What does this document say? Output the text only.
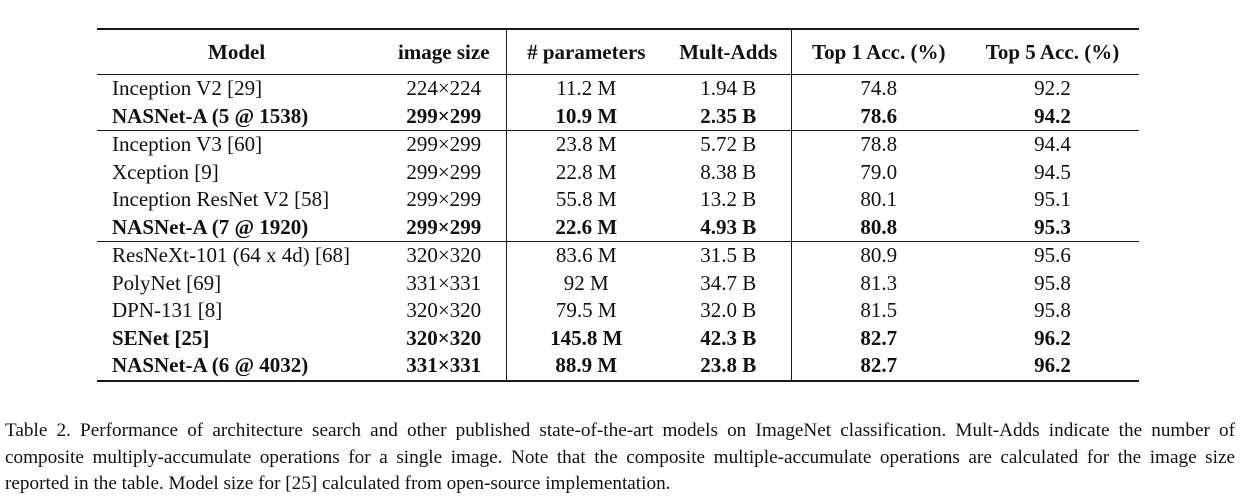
Model	image size	# parameters	Mult-Adds	Top 1 Acc. (%)	Top 5 Acc. (%)
Inception V2 [29]	224×224	11.2 M	1.94 B	74.8	92.2
NASNet-A (5 @ 1538)	299×299	10.9 M	2.35 B	78.6	94.2
Inception V3 [60]	299×299	23.8 M	5.72 B	78.8	94.4
Xception [9]	299×299	22.8 M	8.38 B	79.0	94.5
Inception ResNet V2 [58]	299×299	55.8 M	13.2 B	80.1	95.1
NASNet-A (7 @ 1920)	299×299	22.6 M	4.93 B	80.8	95.3
ResNeXt-101 (64 x 4d) [68]	320×320	83.6 M	31.5 B	80.9	95.6
PolyNet [69]	331×331	92 M	34.7 B	81.3	95.8
DPN-131 [8]	320×320	79.5 M	32.0 B	81.5	95.8
SENet [25]	320×320	145.8 M	42.3 B	82.7	96.2
NASNet-A (6 @ 4032)	331×331	88.9 M	23.8 B	82.7	96.2

Table 2. Performance of architecture search and other published state-of-the-art models on ImageNet classification. Mult-Adds indicate the number of composite multiply-accumulate operations for a single image. Note that the composite multiple-accumulate operations are calculated for the image size reported in the table. Model size for [25] calculated from open-source implementation.
